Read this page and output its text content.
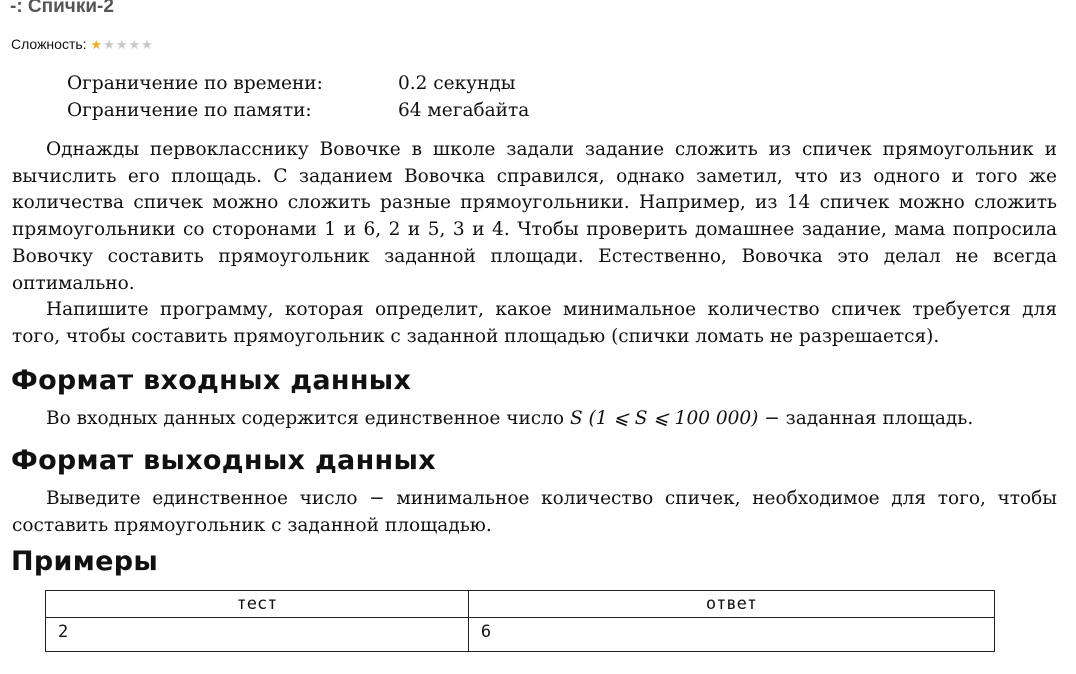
-: Спички-2
Сложность: ★ ★ ★ ★ ★
Ограничение по времени:	0.2 секунды
Ограничение по памяти:	64 мегабайта

Однажды первокласснику Вовочке в школе задали задание сложить из спичек прямоугольник и вычислить его площадь. С заданием Вовочка справился, однако заметил, что из одного и того же количества спичек можно сложить разные прямоугольники. Например, из 14 спичек можно сложить прямоугольники со сторонами 1 и 6, 2 и 5, 3 и 4. Чтобы проверить домашнее задание, мама попросила Вовочку составить прямоугольник заданной площади. Естественно, Вовочка это делал не всегда оптимально.

Напишите программу, которая определит, какое минимальное количество спичек требуется для того, чтобы составить прямоугольник с заданной площадью (спички ломать не разрешается).

Формат входных данных

Во входных данных содержится единственное число S (1 ⩽ S ⩽ 100 000) − заданная площадь.

Формат выходных данных

Выведите единственное число − минимальное количество спичек, необходимое для того, чтобы составить прямоугольник с заданной площадью.

Примеры
тест	ответ
2	6
